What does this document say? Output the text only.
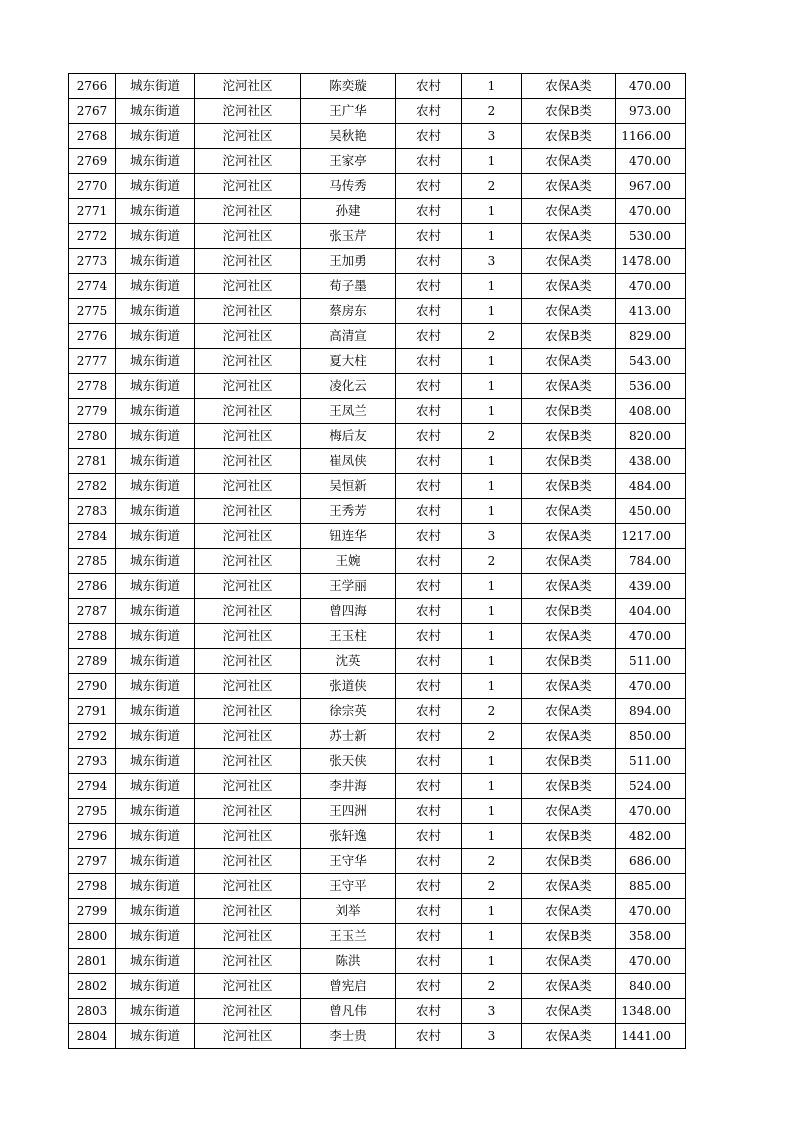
2766	城东街道	沱河社区	陈奕璇	农村	1	农保A类	470.00
2767	城东街道	沱河社区	王广华	农村	2	农保B类	973.00
2768	城东街道	沱河社区	吴秋艳	农村	3	农保B类	1166.00
2769	城东街道	沱河社区	王家亭	农村	1	农保A类	470.00
2770	城东街道	沱河社区	马传秀	农村	2	农保A类	967.00
2771	城东街道	沱河社区	孙建	农村	1	农保A类	470.00
2772	城东街道	沱河社区	张玉芹	农村	1	农保A类	530.00
2773	城东街道	沱河社区	王加勇	农村	3	农保A类	1478.00
2774	城东街道	沱河社区	荀子墨	农村	1	农保A类	470.00
2775	城东街道	沱河社区	蔡房东	农村	1	农保A类	413.00
2776	城东街道	沱河社区	高清宣	农村	2	农保B类	829.00
2777	城东街道	沱河社区	夏大柱	农村	1	农保A类	543.00
2778	城东街道	沱河社区	凌化云	农村	1	农保A类	536.00
2779	城东街道	沱河社区	王凤兰	农村	1	农保B类	408.00
2780	城东街道	沱河社区	梅后友	农村	2	农保B类	820.00
2781	城东街道	沱河社区	崔凤侠	农村	1	农保B类	438.00
2782	城东街道	沱河社区	吴恒新	农村	1	农保B类	484.00
2783	城东街道	沱河社区	王秀芳	农村	1	农保A类	450.00
2784	城东街道	沱河社区	钮连华	农村	3	农保A类	1217.00
2785	城东街道	沱河社区	王婉	农村	2	农保A类	784.00
2786	城东街道	沱河社区	王学丽	农村	1	农保A类	439.00
2787	城东街道	沱河社区	曾四海	农村	1	农保B类	404.00
2788	城东街道	沱河社区	王玉柱	农村	1	农保A类	470.00
2789	城东街道	沱河社区	沈英	农村	1	农保B类	511.00
2790	城东街道	沱河社区	张道侠	农村	1	农保A类	470.00
2791	城东街道	沱河社区	徐宗英	农村	2	农保A类	894.00
2792	城东街道	沱河社区	苏士新	农村	2	农保A类	850.00
2793	城东街道	沱河社区	张天侠	农村	1	农保B类	511.00
2794	城东街道	沱河社区	李井海	农村	1	农保B类	524.00
2795	城东街道	沱河社区	王四洲	农村	1	农保A类	470.00
2796	城东街道	沱河社区	张轩逸	农村	1	农保B类	482.00
2797	城东街道	沱河社区	王守华	农村	2	农保B类	686.00
2798	城东街道	沱河社区	王守平	农村	2	农保A类	885.00
2799	城东街道	沱河社区	刘举	农村	1	农保A类	470.00
2800	城东街道	沱河社区	王玉兰	农村	1	农保B类	358.00
2801	城东街道	沱河社区	陈洪	农村	1	农保A类	470.00
2802	城东街道	沱河社区	曾宪启	农村	2	农保A类	840.00
2803	城东街道	沱河社区	曾凡伟	农村	3	农保A类	1348.00
2804	城东街道	沱河社区	李士贵	农村	3	农保A类	1441.00
